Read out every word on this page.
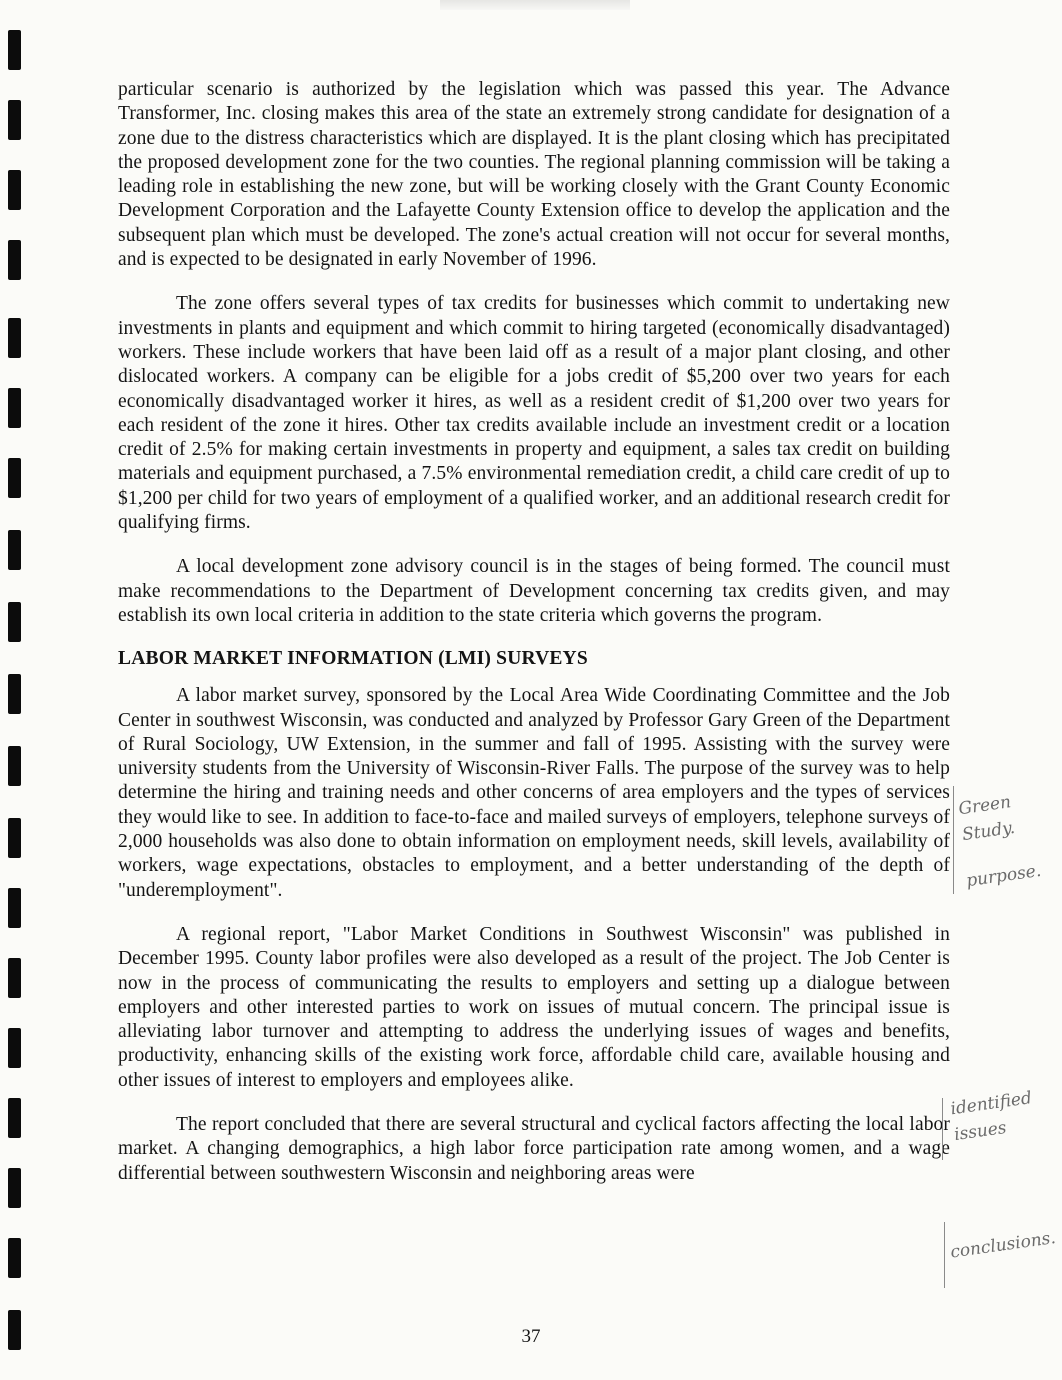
particular scenario is authorized by the legislation which was passed this year. The Advance Transformer, Inc. closing makes this area of the state an extremely strong candidate for designation of a zone due to the distress characteristics which are displayed. It is the plant closing which has precipitated the proposed development zone for the two counties. The regional planning commission will be taking a leading role in establishing the new zone, but will be working closely with the Grant County Economic Development Corporation and the Lafayette County Extension office to develop the application and the subsequent plan which must be developed. The zone's actual creation will not occur for several months, and is expected to be designated in early November of 1996.

The zone offers several types of tax credits for businesses which commit to undertaking new investments in plants and equipment and which commit to hiring targeted (economically disadvantaged) workers. These include workers that have been laid off as a result of a major plant closing, and other dislocated workers. A company can be eligible for a jobs credit of $5,200 over two years for each economically disadvantaged worker it hires, as well as a resident credit of $1,200 over two years for each resident of the zone it hires. Other tax credits available include an investment credit or a location credit of 2.5% for making certain investments in property and equipment, a sales tax credit on building materials and equipment purchased, a 7.5% environmental remediation credit, a child care credit of up to $1,200 per child for two years of employment of a qualified worker, and an additional research credit for qualifying firms.

A local development zone advisory council is in the stages of being formed. The council must make recommendations to the Department of Development concerning tax credits given, and may establish its own local criteria in addition to the state criteria which governs the program.

LABOR MARKET INFORMATION (LMI) SURVEYS

A labor market survey, sponsored by the Local Area Wide Coordinating Committee and the Job Center in southwest Wisconsin, was conducted and analyzed by Professor Gary Green of the Department of Rural Sociology, UW Extension, in the summer and fall of 1995. Assisting with the survey were university students from the University of Wisconsin-River Falls. The purpose of the survey was to help determine the hiring and training needs and other concerns of area employers and the types of services they would like to see. In addition to face-to-face and mailed surveys of employers, telephone surveys of 2,000 households was also done to obtain information on employment needs, skill levels, availability of workers, wage expectations, obstacles to employment, and a better understanding of the depth of "underemployment".

A regional report, "Labor Market Conditions in Southwest Wisconsin" was published in December 1995. County labor profiles were also developed as a result of the project. The Job Center is now in the process of communicating the results to employers and setting up a dialogue between employers and other interested parties to work on issues of mutual concern. The principal issue is alleviating labor turnover and attempting to address the underlying issues of wages and benefits, productivity, enhancing skills of the existing work force, affordable child care, available housing and other issues of interest to employers and employees alike.

The report concluded that there are several structural and cyclical factors affecting the local labor market. A changing demographics, a high labor force participation rate among women, and a wage differential between southwestern Wisconsin and neighboring areas were

Green Study.
purpose.
identified issues
conclusions.
37
